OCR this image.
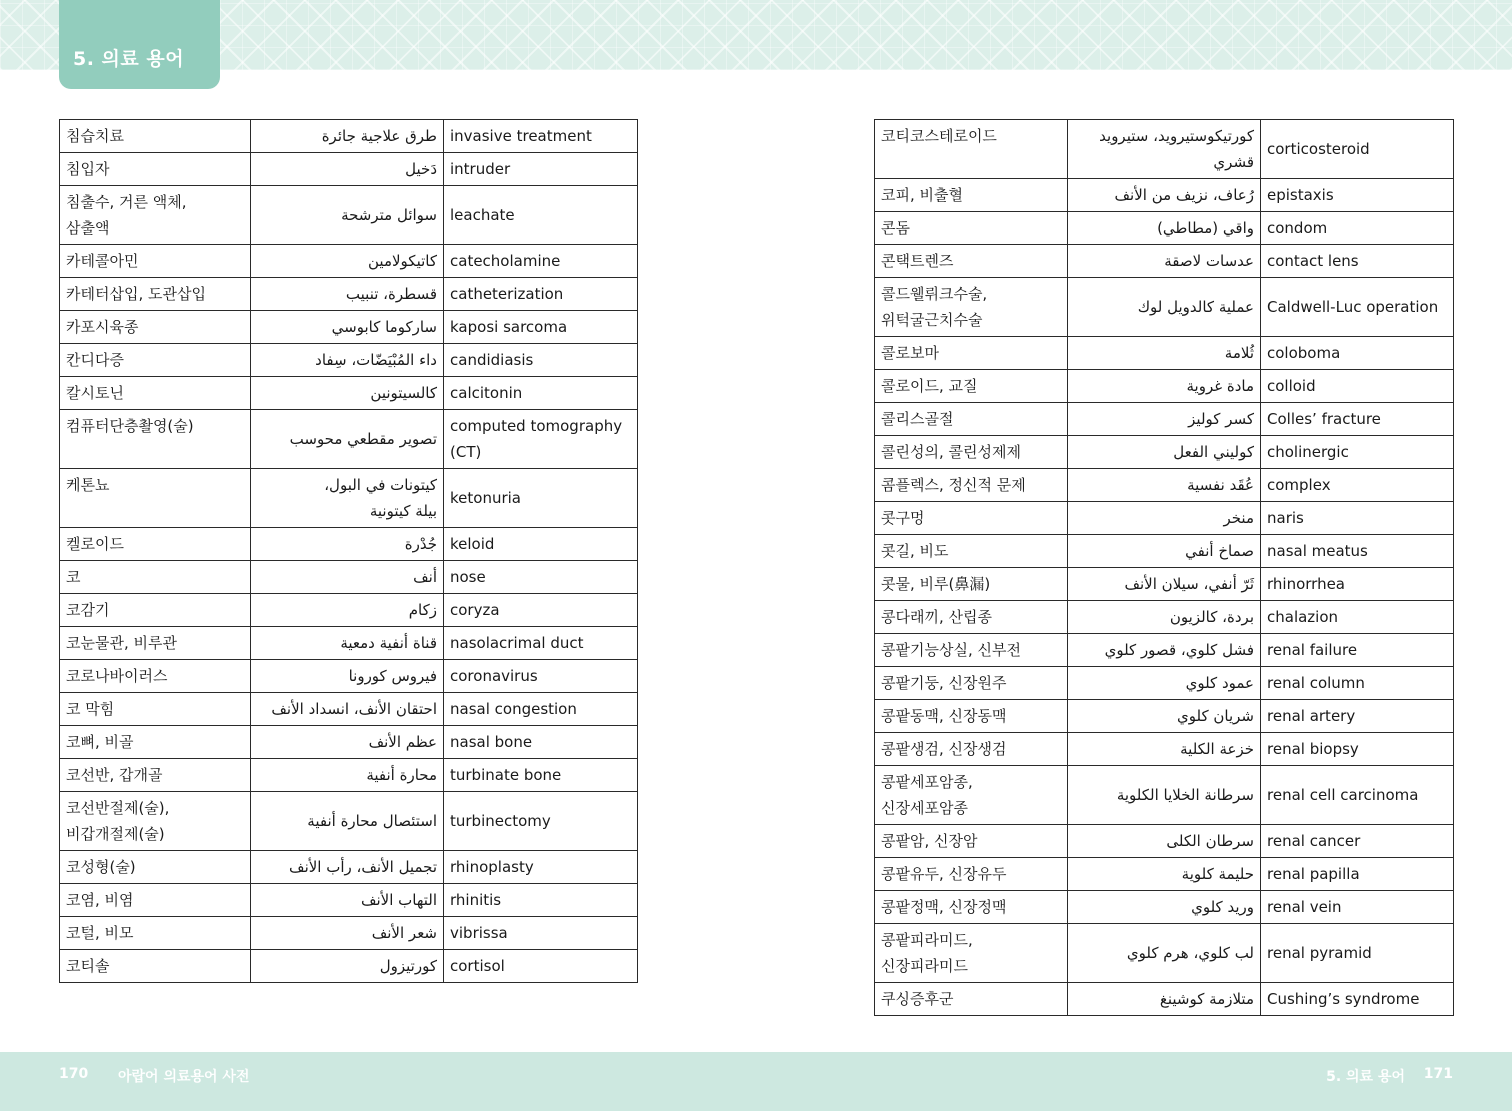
5. 의료 용어
침습치료	طرق علاجية جائرة	invasive treatment
침입자	دَخيل	intruder
침출수, 거른 액체,
삼출액	سوائل مترشحة	leachate
카테콜아민	كاتيكولامين	catecholamine
카테터삽입, 도관삽입	قسطرة، تنبيب	catheterization
카포시육종	ساركوما كابوسي	kaposi sarcoma
칸디다증	داء المُبْيَضّات، سِفاد	candidiasis
칼시토닌	كالسيتونين	calcitonin
컴퓨터단층촬영(술)	تصوير مقطعي محوسب	computed tomography
(CT)
케톤뇨	كيتونات في البول،
بيلة كيتونية	ketonuria
켈로이드	جُدْرة	keloid
코	أنف	nose
코감기	زكام	coryza
코눈물관, 비루관	قناة أنفية دمعية	nasolacrimal duct
코로나바이러스	فيروس كورونا	coronavirus
코 막힘	احتقان الأنف، انسداد الأنف	nasal congestion
코뼈, 비골	عظم الأنف	nasal bone
코선반, 갑개골	محارة أنفية	turbinate bone
코선반절제(술),
비갑개절제(술)	استئصال محارة أنفية	turbinectomy
코성형(술)	تجميل الأنف، رأب الأنف	rhinoplasty
코염, 비염	التهاب الأنف	rhinitis
코털, 비모	شعر الأنف	vibrissa
코티솔	كورتيزول	cortisol
코티코스테로이드	كورتيكوستيرويد، ستيرويد قشري	corticosteroid
코피, 비출혈	رُعاف، نزيف من الأنف	epistaxis
콘돔	واقي (مطاطي)	condom
콘택트렌즈	عدسات لاصقة	contact lens
콜드웰뤼크수술,
위턱굴근치수술	عملية كالدويل لوك	Caldwell-Luc operation
콜로보마	ثُلامة	coloboma
콜로이드, 교질	مادة غروية	colloid
콜리스골절	كسر كوليز	Colles’ fracture
콜린성의, 콜린성제제	كوليني الفعل	cholinergic
콤플렉스, 정신적 문제	عُقَد نفسية	complex
콧구멍	منخر	naris
콧길, 비도	صماخ أنفي	nasal meatus
콧물, 비루(鼻漏)	ثَرّ أنفي، سيلان الأنف	rhinorrhea
콩다래끼, 산립종	بردة، كالزيون	chalazion
콩팥기능상실, 신부전	فشل كلوي، قصور كلوي	renal failure
콩팥기둥, 신장원주	عمود كلوي	renal column
콩팥동맥, 신장동맥	شريان كلوي	renal artery
콩팥생검, 신장생검	خزعة الكلية	renal biopsy
콩팥세포암종,
신장세포암종	سرطانة الخلايا الكلوية	renal cell carcinoma
콩팥암, 신장암	سرطان الكلى	renal cancer
콩팥유두, 신장유두	حليمة كلوية	renal papilla
콩팥정맥, 신장정맥	وريد كلوي	renal vein
콩팥피라미드,
신장피라미드	لب كلوي، هرم كلوي	renal pyramid
쿠싱증후군	متلازمة كوشينغ	Cushing’s syndrome
170 아랍어 의료용어 사전	5. 의료 용어 171
